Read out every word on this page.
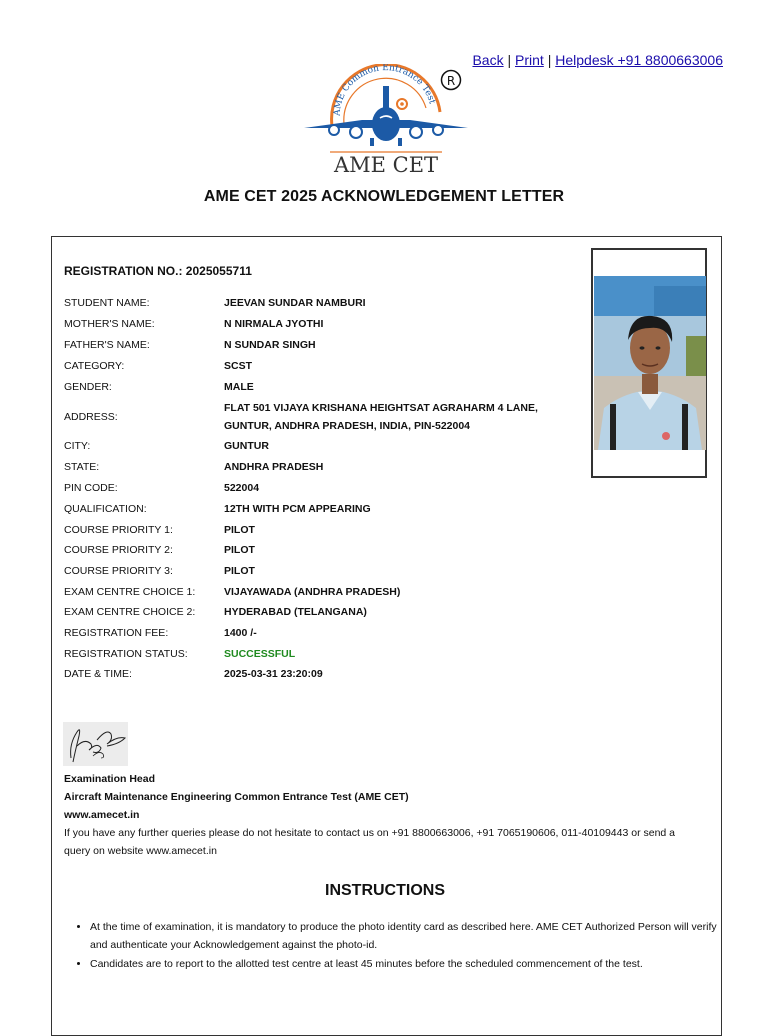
Back | Print | Helpdesk +91 8800663006
AME Common Entrance Test
R
AME CET
AME CET 2025 ACKNOWLEDGEMENT LETTER
REGISTRATION NO.: 2025055711
STUDENT NAME:	JEEVAN SUNDAR NAMBURI
MOTHER'S NAME:	N NIRMALA JYOTHI
FATHER'S NAME:	N SUNDAR SINGH
CATEGORY:	SCST
GENDER:	MALE
ADDRESS:
FLAT 501 VIJAYA KRISHANA HEIGHTSAT AGRAHARM 4 LANE, GUNTUR, ANDHRA PRADESH, INDIA, PIN-522004
CITY:	GUNTUR
STATE:	ANDHRA PRADESH
PIN CODE:	522004
QUALIFICATION:	12TH WITH PCM APPEARING
COURSE PRIORITY 1:	PILOT
COURSE PRIORITY 2:	PILOT
COURSE PRIORITY 3:	PILOT
EXAM CENTRE CHOICE 1:	VIJAYAWADA (ANDHRA PRADESH)
EXAM CENTRE CHOICE 2:	HYDERABAD (TELANGANA)
REGISTRATION FEE:	1400 /-
REGISTRATION STATUS:	SUCCESSFUL
DATE & TIME:	2025-03-31 23:20:09
Examination Head
Aircraft Maintenance Engineering Common Entrance Test (AME CET)
www.amecet.in
If you have any further queries please do not hesitate to contact us on +91 8800663006, +91 7065190606, 011-40109443 or send a query on website www.amecet.in
INSTRUCTIONS
• At the time of examination, it is mandatory to produce the photo identity card as described here. AME CET Authorized Person will verify and authenticate your Acknowledgement against the photo-id.
• Candidates are to report to the allotted test centre at least 45 minutes before the scheduled commencement of the test.
